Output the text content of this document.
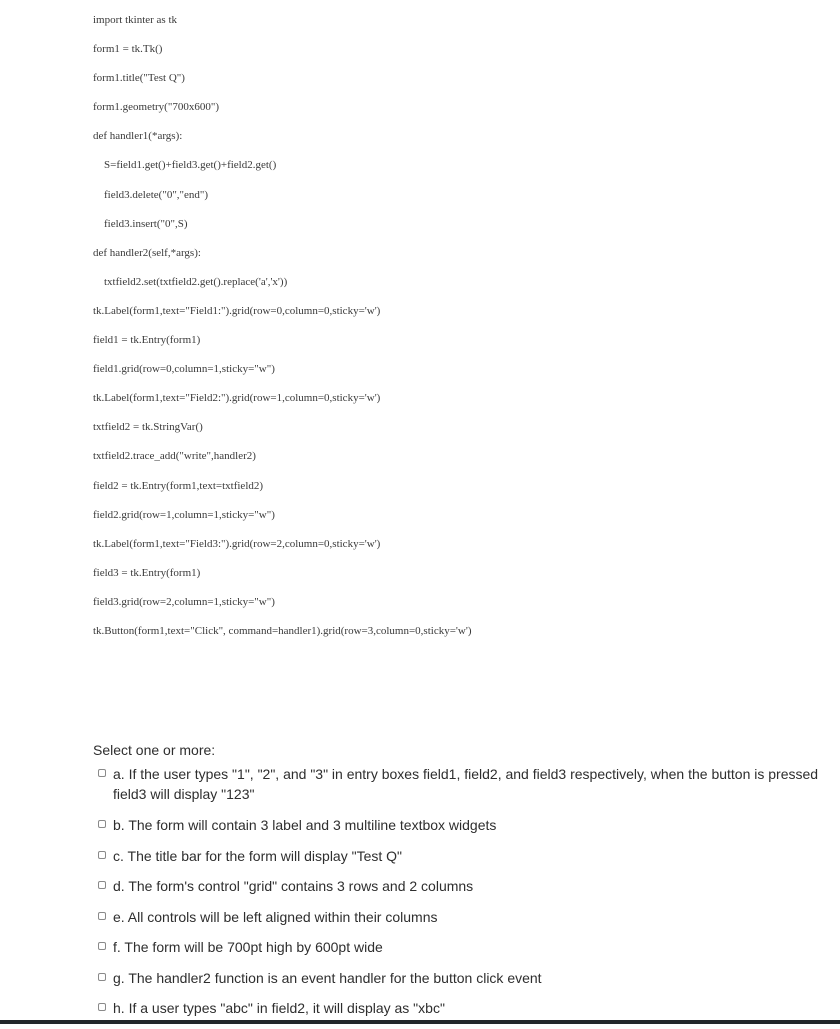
import tkinter as tk
form1 = tk.Tk()
form1.title("Test Q")
form1.geometry("700x600")
def handler1(*args):
S=field1.get()+field3.get()+field2.get()
field3.delete("0","end")
field3.insert("0",S)
def handler2(self,*args):
txtfield2.set(txtfield2.get().replace('a','x'))
tk.Label(form1,text="Field1:").grid(row=0,column=0,sticky='w')
field1 = tk.Entry(form1)
field1.grid(row=0,column=1,sticky="w")
tk.Label(form1,text="Field2:").grid(row=1,column=0,sticky='w')
txtfield2 = tk.StringVar()
txtfield2.trace_add("write",handler2)
field2 = tk.Entry(form1,text=txtfield2)
field2.grid(row=1,column=1,sticky="w")
tk.Label(form1,text="Field3:").grid(row=2,column=0,sticky='w')
field3 = tk.Entry(form1)
field3.grid(row=2,column=1,sticky="w")
tk.Button(form1,text="Click", command=handler1).grid(row=3,column=0,sticky='w')
Select one or more:
a. If the user types "1", "2", and "3" in entry boxes field1, field2, and field3 respectively, when the button is pressed field3 will display "123"
b. The form will contain 3 label and 3 multiline textbox widgets
c. The title bar for the form will display "Test Q"
d. The form's control "grid" contains 3 rows and 2 columns
e. All controls will be left aligned within their columns
f. The form will be 700pt high by 600pt wide
g. The handler2 function is an event handler for the button click event
h. If a user types "abc" in field2, it will display as "xbc"
